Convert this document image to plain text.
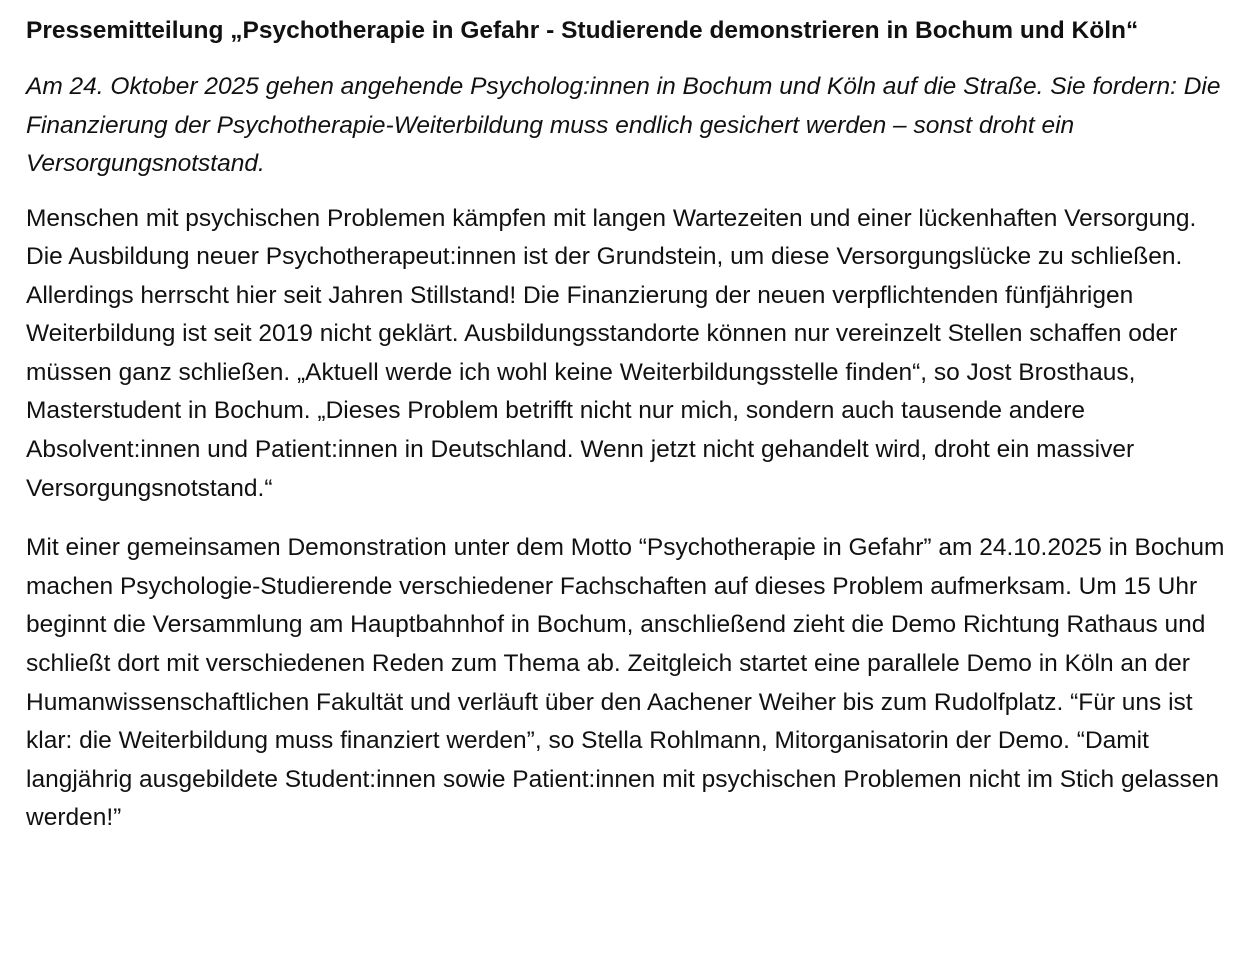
Pressemitteilung „Psychotherapie in Gefahr - Studierende demonstrieren in Bochum und Köln“

Am 24. Oktober 2025 gehen angehende Psycholog:innen in Bochum und Köln auf die Straße. Sie fordern: Die Finanzierung der Psychotherapie-Weiterbildung muss endlich gesichert werden – sonst droht ein Versorgungsnotstand.

Menschen mit psychischen Problemen kämpfen mit langen Wartezeiten und einer lückenhaften Versorgung. Die Ausbildung neuer Psychotherapeut:innen ist der Grundstein, um diese Versorgungslücke zu schließen. Allerdings herrscht hier seit Jahren Stillstand! Die Finanzierung der neuen verpflichtenden fünfjährigen Weiterbildung ist seit 2019 nicht geklärt. Ausbildungsstandorte können nur vereinzelt Stellen schaffen oder müssen ganz schließen. „Aktuell werde ich wohl keine Weiterbildungsstelle finden“, so Jost Brosthaus, Masterstudent in Bochum. „Dieses Problem betrifft nicht nur mich, sondern auch tausende andere Absolvent:innen und Patient:innen in Deutschland. Wenn jetzt nicht gehandelt wird, droht ein massiver Versorgungsnotstand.“

Mit einer gemeinsamen Demonstration unter dem Motto “Psychotherapie in Gefahr” am 24.10.2025 in Bochum machen Psychologie-Studierende verschiedener Fachschaften auf dieses Problem aufmerksam. Um 15 Uhr beginnt die Versammlung am Hauptbahnhof in Bochum, anschließend zieht die Demo Richtung Rathaus und schließt dort mit verschiedenen Reden zum Thema ab. Zeitgleich startet eine parallele Demo in Köln an der Humanwissenschaftlichen Fakultät und verläuft über den Aachener Weiher bis zum Rudolfplatz. “Für uns ist klar: die Weiterbildung muss finanziert werden”, so Stella Rohlmann, Mitorganisatorin der Demo. “Damit langjährig ausgebildete Student:innen sowie Patient:innen mit psychischen Problemen nicht im Stich gelassen werden!”
